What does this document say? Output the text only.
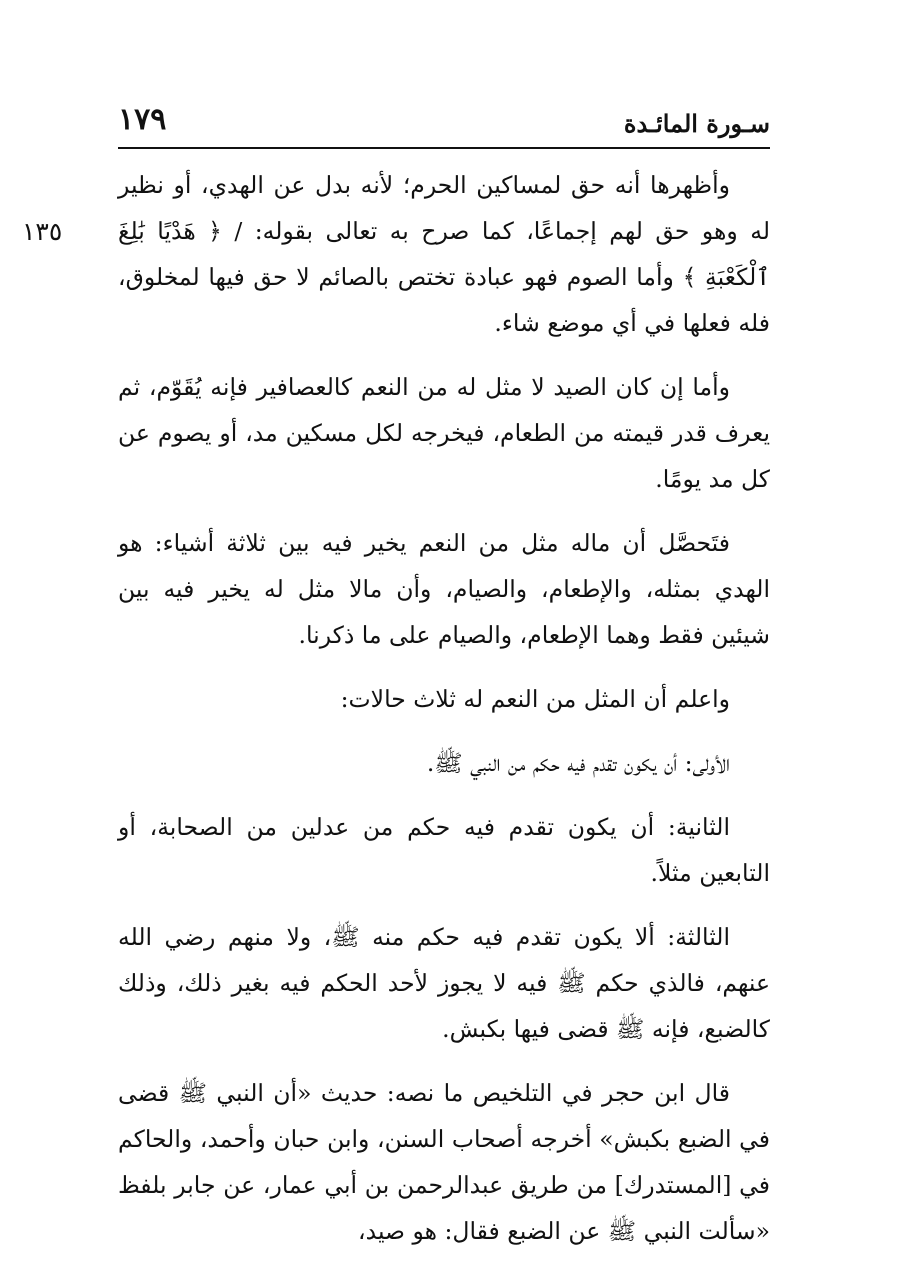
١٧٩	سـورة المائـدة
١٣٥

وأظهرها أنه حق لمساكين الحرم؛ لأنه بدل عن الهدي، أو نظير له وهو حق لهم إجماعًا، كما صرح به تعالى بقوله: / ﴿ هَدْيًا بَٰلِغَ ٱلْكَعْبَةِ ﴾ وأما الصوم فهو عبادة تختص بالصائم لا حق فيها لمخلوق، فله فعلها في أي موضع شاء.

وأما إن كان الصيد لا مثل له من النعم كالعصافير فإنه يُقَوّم، ثم يعرف قدر قيمته من الطعام، فيخرجه لكل مسكين مد، أو يصوم عن كل مد يومًا.

فتَحصَّل أن ماله مثل من النعم يخير فيه بين ثلاثة أشياء: هو الهدي بمثله، والإطعام، والصيام، وأن مالا مثل له يخير فيه بين شيئين فقط وهما الإطعام، والصيام على ما ذكرنا.

واعلم أن المثل من النعم له ثلاث حالات:

الأولى: أن يكون تقدم فيه حكم من النبي ﷺ.

الثانية: أن يكون تقدم فيه حكم من عدلين من الصحابة، أو التابعين مثلاً.

الثالثة: ألا يكون تقدم فيه حكم منه ﷺ، ولا منهم رضي الله عنهم، فالذي حكم ﷺ فيه لا يجوز لأحد الحكم فيه بغير ذلك، وذلك كالضبع، فإنه ﷺ قضى فيها بكبش.

قال ابن حجر في التلخيص ما نصه: حديث «أن النبي ﷺ قضى في الضبع بكبش» أخرجه أصحاب السنن، وابن حبان وأحمد، والحاكم في [المستدرك] من طريق عبدالرحمن بن أبي عمار، عن جابر بلفظ «سألت النبي ﷺ عن الضبع فقال: هو صيد،
